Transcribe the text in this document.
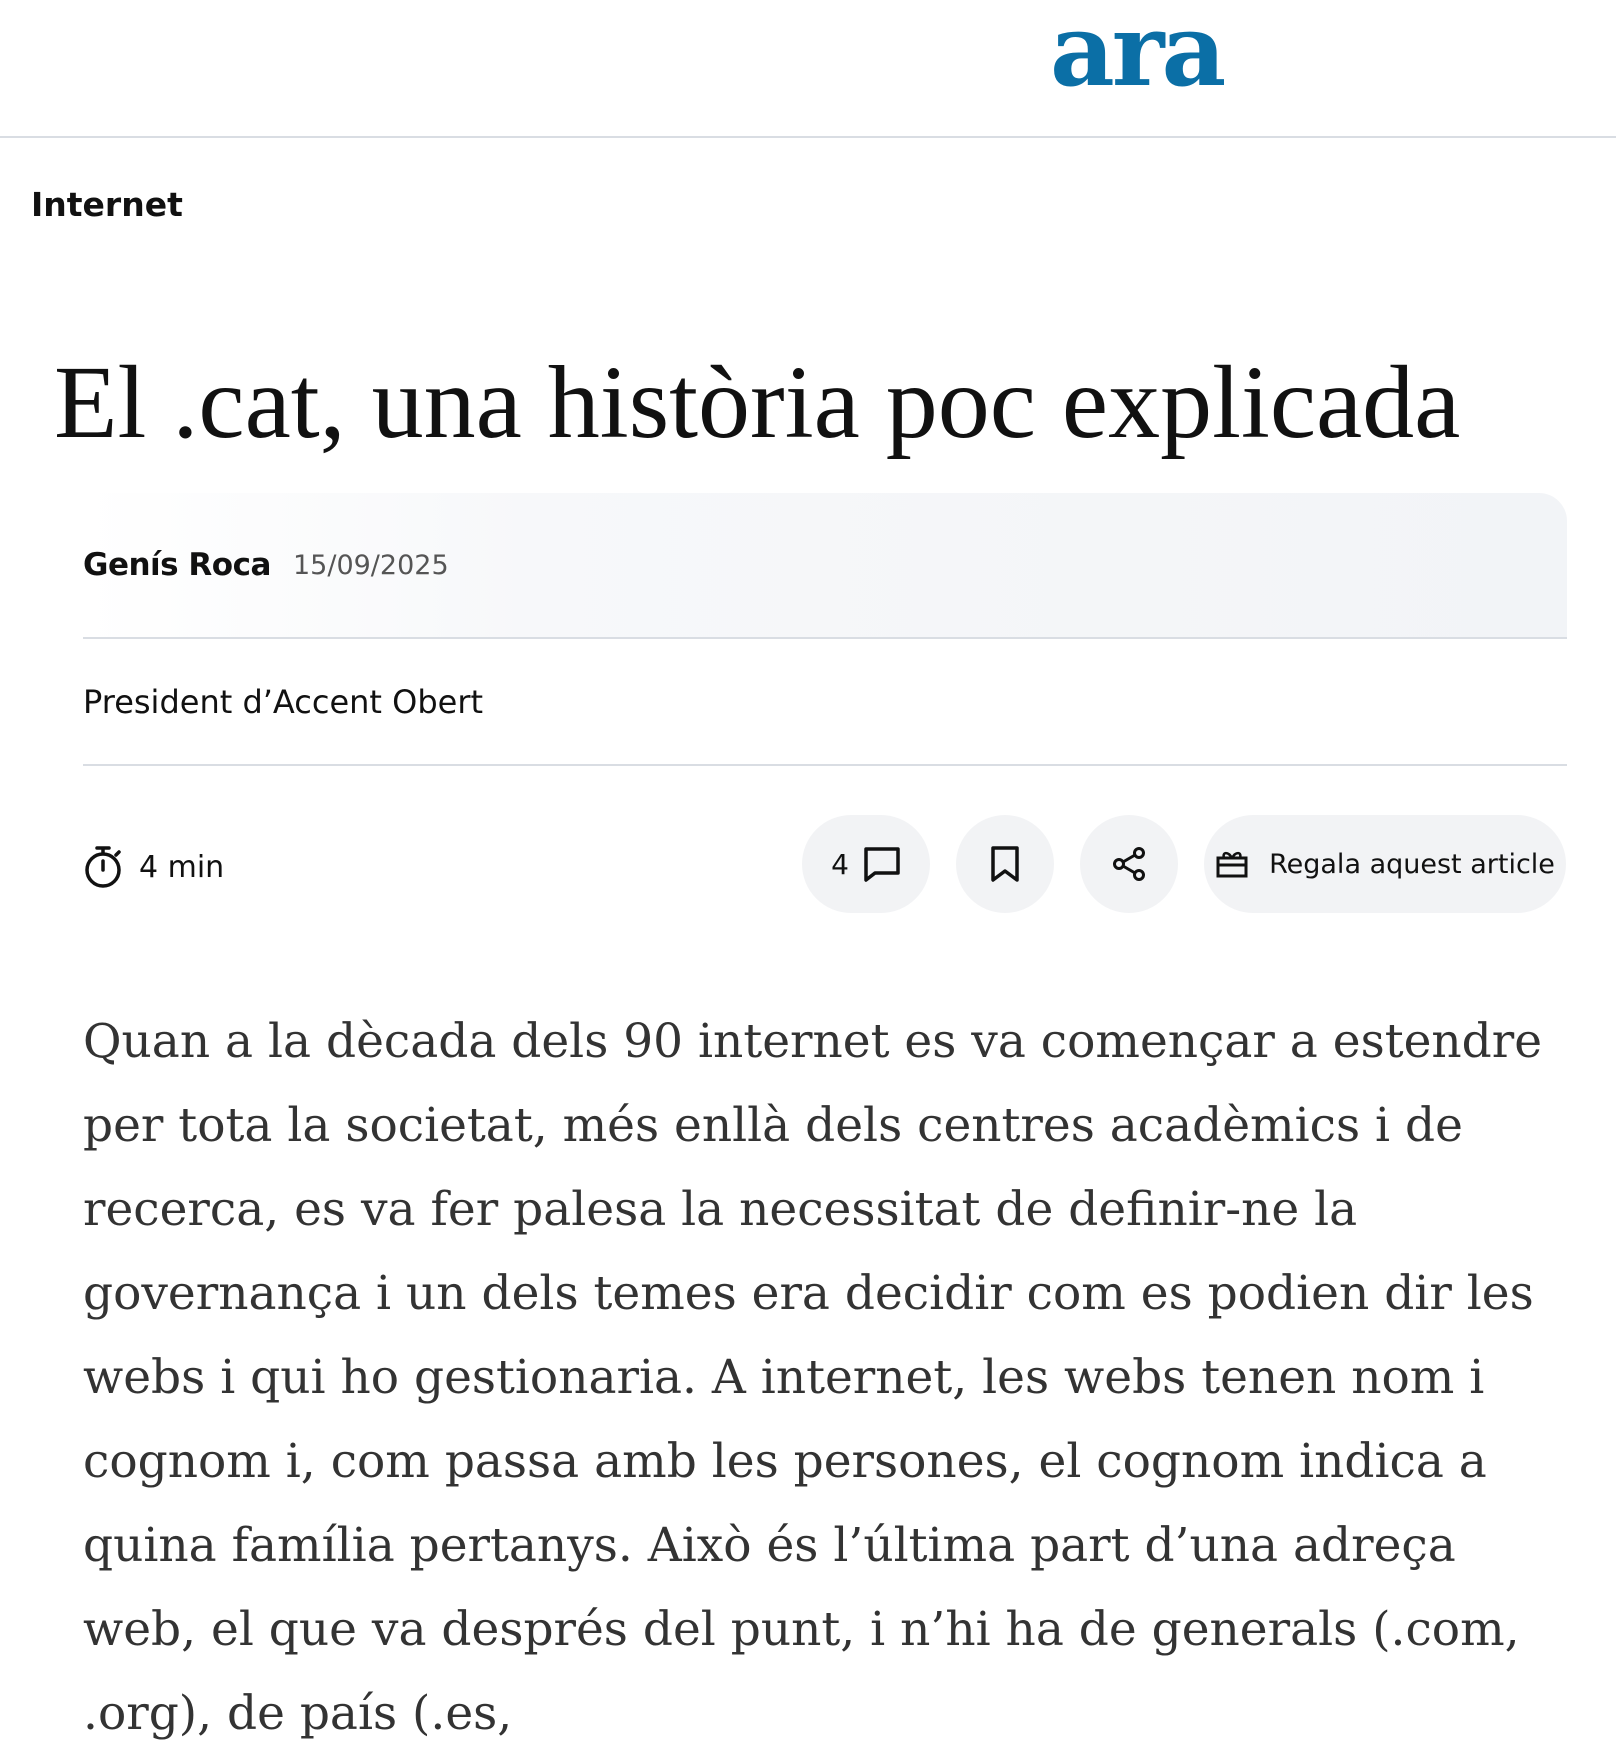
ara
Internet
El .cat, una història poc explicada
Genís Roca 15/09/2025
President d’Accent Obert
4 min	4	Regala aquest article

Quan a la dècada dels 90 internet es va començar a estendre per tota la societat, més enllà dels centres acadèmics i de recerca, es va fer palesa la necessitat de definir-ne la governança i un dels temes era decidir com es podien dir les webs i qui ho gestionaria. A internet, les webs tenen nom i cognom i, com passa amb les persones, el cognom indica a quina família pertanys. Això és l’última part d’una adreça web, el que va després del punt, i n’hi ha de generals (.com, .org), de país (.es,
